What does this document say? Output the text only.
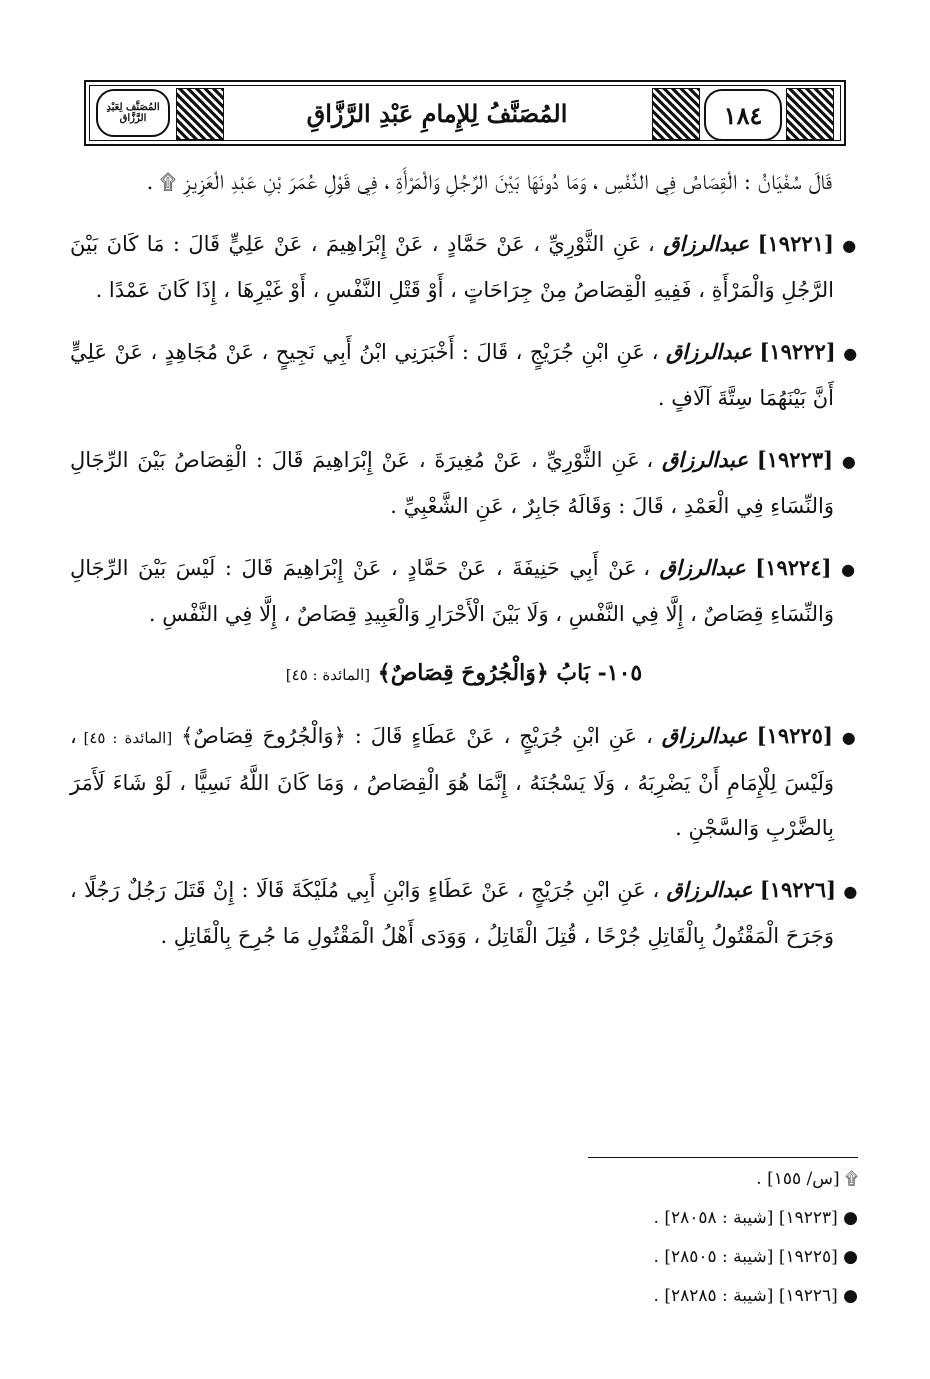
١٨٤
المُصَنَّفُ لِلإِمامِ عَبْدِ الرَّزَّاقِ
المُصَنَّف لِعَبْدِ الرَّزَّاق

قَالَ سُفْيَانُ : الْقِصَاصُ فِي النَّفْسِ ، وَمَا دُونَهَا بَيْنَ الرَّجُلِ وَالْمَرْأَةِ ، فِي قَوْلِ عُمَرَ بْنِ عَبْدِ الْعَزِيزِ ۩ .

● [١٩٢٢١] عبدالرزاق ، عَنِ الثَّوْرِيِّ ، عَنْ حَمَّادٍ ، عَنْ إِبْرَاهِيمَ ، عَنْ عَلِيٍّ قَالَ : مَا كَانَ بَيْنَ الرَّجُلِ وَالْمَرْأَةِ ، فَفِيهِ الْقِصَاصُ مِنْ جِرَاحَاتٍ ، أَوْ قَتْلِ النَّفْسِ ، أَوْ غَيْرِهَا ، إِذَا كَانَ عَمْدًا .

● [١٩٢٢٢] عبدالرزاق ، عَنِ ابْنِ جُرَيْجٍ ، قَالَ : أَخْبَرَنِي ابْنُ أَبِي نَجِيحٍ ، عَنْ مُجَاهِدٍ ، عَنْ عَلِيٍّ أَنَّ بَيْنَهُمَا سِتَّةَ آلَافٍ .

● [١٩٢٢٣] عبدالرزاق ، عَنِ الثَّوْرِيِّ ، عَنْ مُغِيرَةَ ، عَنْ إِبْرَاهِيمَ قَالَ : الْقِصَاصُ بَيْنَ الرِّجَالِ وَالنِّسَاءِ فِي الْعَمْدِ ، قَالَ : وَقَالَهُ جَابِرٌ ، عَنِ الشَّعْبِيِّ .

● [١٩٢٢٤] عبدالرزاق ، عَنْ أَبِي حَنِيفَةَ ، عَنْ حَمَّادٍ ، عَنْ إِبْرَاهِيمَ قَالَ : لَيْسَ بَيْنَ الرِّجَالِ وَالنِّسَاءِ قِصَاصٌ ، إِلَّا فِي النَّفْسِ ، وَلَا بَيْنَ الْأَحْرَارِ وَالْعَبِيدِ قِصَاصٌ ، إِلَّا فِي النَّفْسِ .

١٠٥- بَابُ ﴿وَالْجُرُوحَ قِصَاصٌ﴾ [المائدة : ٤٥]

● [١٩٢٢٥] عبدالرزاق ، عَنِ ابْنِ جُرَيْجٍ ، عَنْ عَطَاءٍ قَالَ : ﴿وَالْجُرُوحَ قِصَاصٌ﴾ [المائدة : ٤٥] ، وَلَيْسَ لِلْإِمَامِ أَنْ يَضْرِبَهُ ، وَلَا يَسْجُنَهُ ، إِنَّمَا هُوَ الْقِصَاصُ ، وَمَا كَانَ اللَّهُ نَسِيًّا ، لَوْ شَاءَ لَأَمَرَ بِالضَّرْبِ وَالسَّجْنِ .

● [١٩٢٢٦] عبدالرزاق ، عَنِ ابْنِ جُرَيْجٍ ، عَنْ عَطَاءٍ وَابْنِ أَبِي مُلَيْكَةَ قَالَا : إِنْ قَتَلَ رَجُلٌ رَجُلًا ، وَجَرَحَ الْمَقْتُولُ بِالْقَاتِلِ جُرْحًا ، قُتِلَ الْقَاتِلُ ، وَوَدَى أَهْلُ الْمَقْتُولِ مَا جُرِحَ بِالْقَاتِلِ .

۩ [س/ ١٥٥] .
● [١٩٢٢٣] [شيبة : ٢٨٠٥٨] .
● [١٩٢٢٥] [شيبة : ٢٨٥٠٥] .
● [١٩٢٢٦] [شيبة : ٢٨٢٨٥] .
